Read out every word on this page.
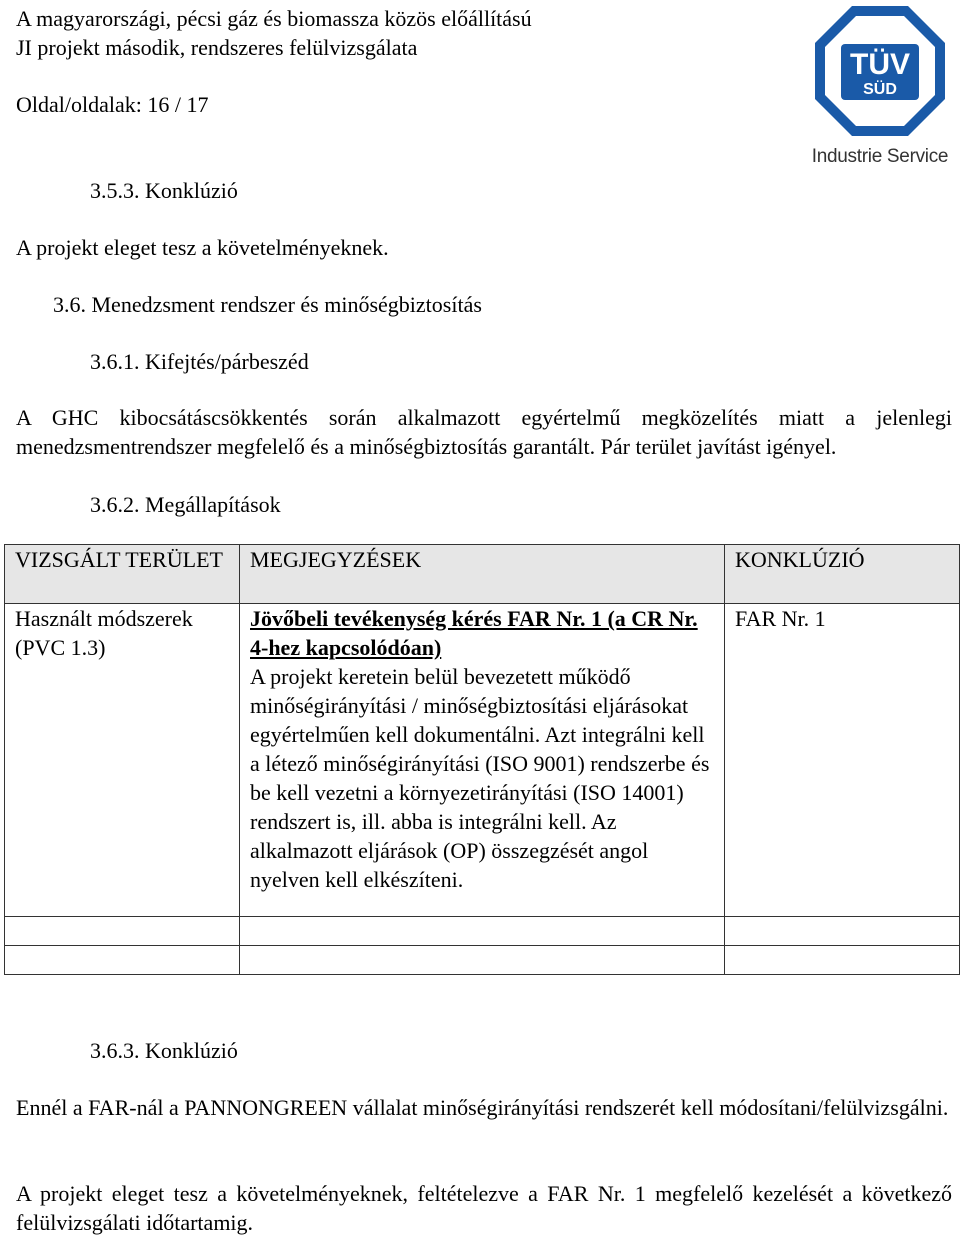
A magyarországi, pécsi gáz és biomassza közös előállítású
JI projekt második, rendszeres felülvizsgálata
Oldal/oldalak: 16 / 17
TÜV
SÜD
Industrie Service
3.5.3. Konklúzió
A projekt eleget tesz a követelményeknek.
3.6. Menedzsment rendszer és minőségbiztosítás
3.6.1. Kifejtés/párbeszéd
A GHC kibocsátáscsökkentés során alkalmazott egyértelmű megközelítés miatt a jelenlegi menedzsmentrendszer megfelelő és a minőségbiztosítás garantált. Pár terület javítást igényel.
3.6.2. Megállapítások
VIZSGÁLT TERÜLET	MEGJEGYZÉSEK	KONKLÚZIÓ

Használt módszerek (PVC 1.3)	Jövőbeli tevékenység kérés FAR Nr. 1 (a CR Nr. 4-hez kapcsolódóan)
A projekt keretein belül bevezetett működő minőségirányítási / minőségbiztosítási eljárásokat egyértelműen kell dokumentálni. Azt integrálni kell a létező minőségirányítási (ISO 9001) rendszerbe és be kell vezetni a környezetirányítási (ISO 14001) rendszert is, ill. abba is integrálni kell. Az alkalmazott eljárások (OP) összegzését angol nyelven kell elkészíteni.	FAR Nr. 1

3.6.3. Konklúzió
Ennél a FAR-nál a PANNONGREEN vállalat minőségirányítási rendszerét kell módosítani/felülvizsgálni.
A projekt eleget tesz a követelményeknek, feltételezve a FAR Nr. 1 megfelelő kezelését a következő felülvizsgálati időtartamig.
